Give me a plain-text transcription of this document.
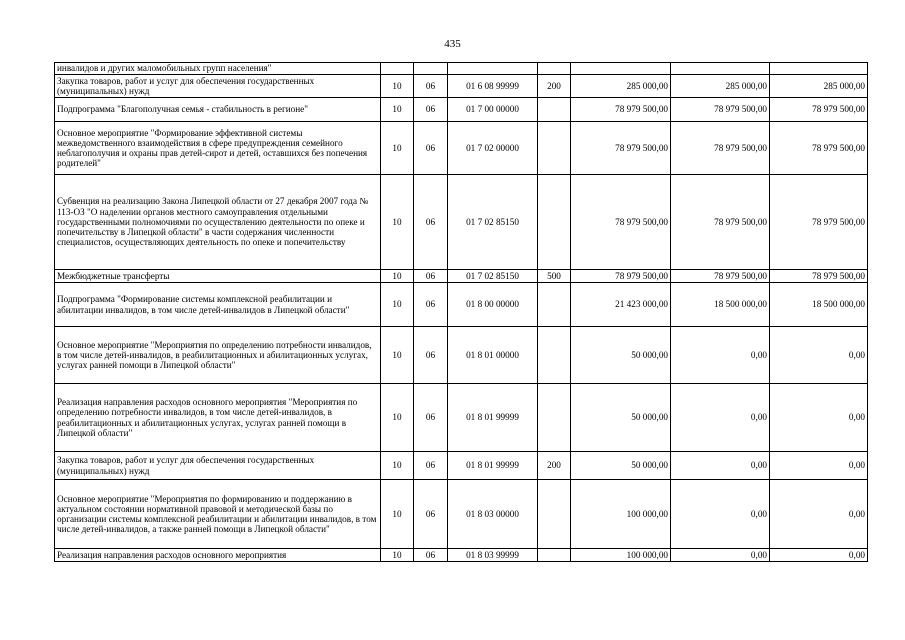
435
инвалидов и других маломобильных групп населения"							
Закупка товаров, работ и услуг для обеспечения государственных (муниципальных) нужд	10	06	01 6 08 99999	200	285 000,00	285 000,00	285 000,00
Подпрограмма "Благополучная семья - стабильность в регионе"	10	06	01 7 00 00000		78 979 500,00	78 979 500,00	78 979 500,00
Основное мероприятие "Формирование эффективной системы межведомственного взаимодействия в сфере предупреждения семейного неблагополучия и охраны прав детей-сирот и детей, оставшихся без попечения родителей"	10	06	01 7 02 00000		78 979 500,00	78 979 500,00	78 979 500,00
Субвенция на реализацию Закона Липецкой области от 27 декабря 2007 года № 113-ОЗ "О наделении органов местного самоуправления отдельными государственными полномочиями по осуществлению деятельности по опеке и попечительству в Липецкой области" в части содержания численности специалистов, осуществляющих деятельность по опеке и попечительству	10	06	01 7 02 85150		78 979 500,00	78 979 500,00	78 979 500,00
Межбюджетные трансферты	10	06	01 7 02 85150	500	78 979 500,00	78 979 500,00	78 979 500,00
Подпрограмма "Формирование системы комплексной реабилитации и абилитации инвалидов, в том числе детей-инвалидов в Липецкой области"	10	06	01 8 00 00000		21 423 000,00	18 500 000,00	18 500 000,00
Основное мероприятие "Мероприятия по определению потребности инвалидов, в том числе детей-инвалидов, в реабилитационных и абилитационных услугах, услугах ранней помощи в Липецкой области"	10	06	01 8 01 00000		50 000,00	0,00	0,00
Реализация направления расходов основного мероприятия "Мероприятия по определению потребности инвалидов, в том числе детей-инвалидов, в реабилитационных и абилитационных услугах, услугах ранней помощи в Липецкой области"	10	06	01 8 01 99999		50 000,00	0,00	0,00
Закупка товаров, работ и услуг для обеспечения государственных (муниципальных) нужд	10	06	01 8 01 99999	200	50 000,00	0,00	0,00
Основное мероприятие "Мероприятия по формированию и поддержанию в актуальном состоянии нормативной правовой и методической базы по организации системы комплексной реабилитации и абилитации инвалидов, в том числе детей-инвалидов, а также ранней помощи в Липецкой области"	10	06	01 8 03 00000		100 000,00	0,00	0,00
Реализация направления расходов основного мероприятия	10	06	01 8 03 99999		100 000,00	0,00	0,00
